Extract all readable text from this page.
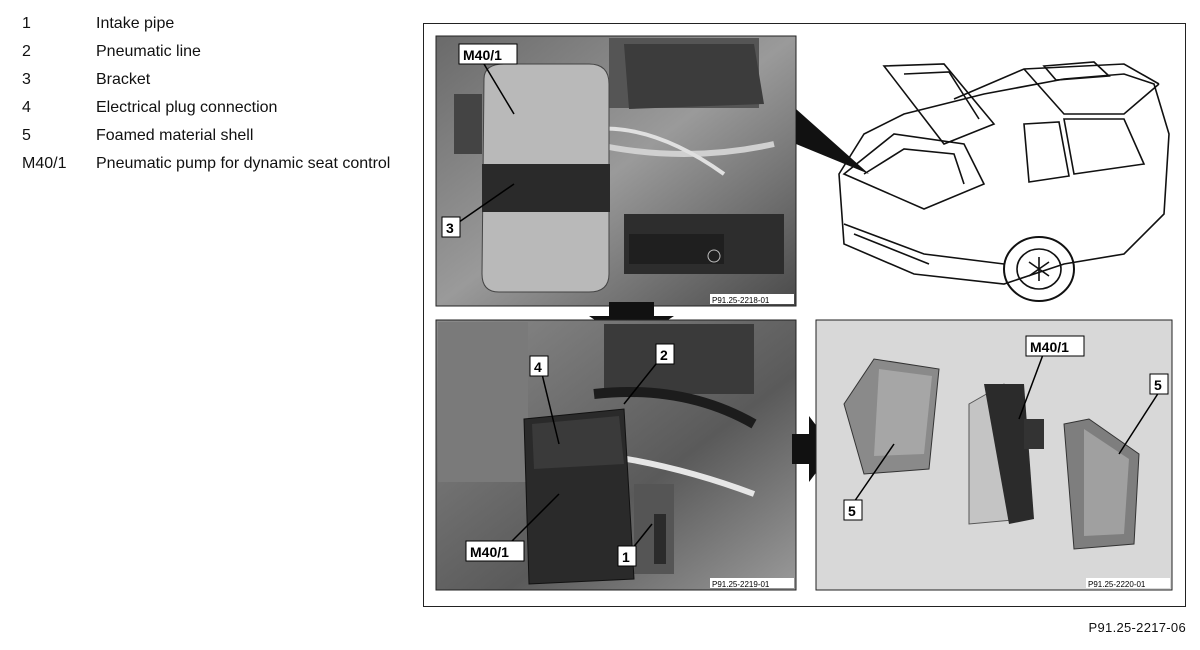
1	Intake pipe
2	Pneumatic line
3	Bracket
4	Electrical plug connection
5	Foamed material shell
M40/1	Pneumatic pump for dynamic seat control
M40/1
3
P91.25-2218-01
4
2
M40/1	1
P91.25-2219-01
5
M40/1
5
P91.25-2220-01
P91.25-2217-06
